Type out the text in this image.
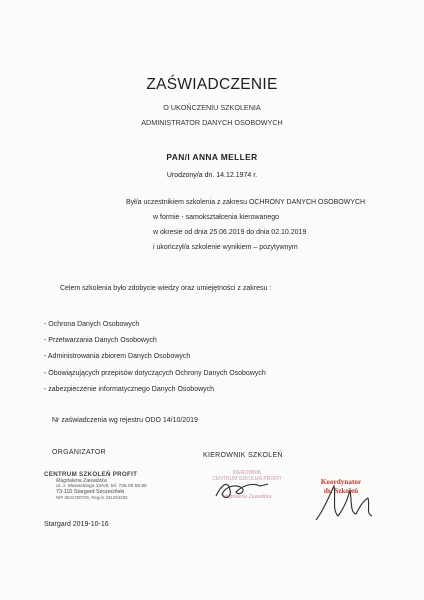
ZAŚWIADCZENIE
O UKOŃCZENIU SZKOLENIA
ADMINISTRATOR DANYCH OSOBOWYCH
PAN/I ANNA MELLER
Urodzony/a dn. 14.12.1974 r.
Był/a uczestnikiem szkolenia z zakresu OCHRONY DANYCH OSOBOWYCH
w formie - samokształcenia kierowanego
w okresie od dnia 25.06.2019 do dnia 02.10.2019
i ukończył/a szkolenie wynikiem – pozytywnym
Celem szkolenia było zdobycie wiedzy oraz umiejętności z zakresu :
- Ochrona Danych Osobowych
- Przetwarzania Danych Osobowych
- Administrowania zbiorem Danych Osobowych
- Obowiązujących przepisów dotyczących Ochrony Danych Osobowych
- zabezpieczenie informatycznego Danych Osobowych
Nr zaświadczenia wg rejestru ODO 14/10/2019
ORGANIZATOR	KIEROWNIK SZKOLEŃ
CENTRUM SZKOLEŃ PROFIT
Magdalena Zawadzka
ul. J. Słowackiego 13A/8, tel. 725 00 58 86
73-110 Stargard Szczeciński
NIP 8531780729, Regon 331294250
KIEROWNIK
CENTRUM SZKOLEŃ PROFIT
Magdalena Zawadzka
Koordynator
ds. Szkoleń
Stargard 2019-10-16
